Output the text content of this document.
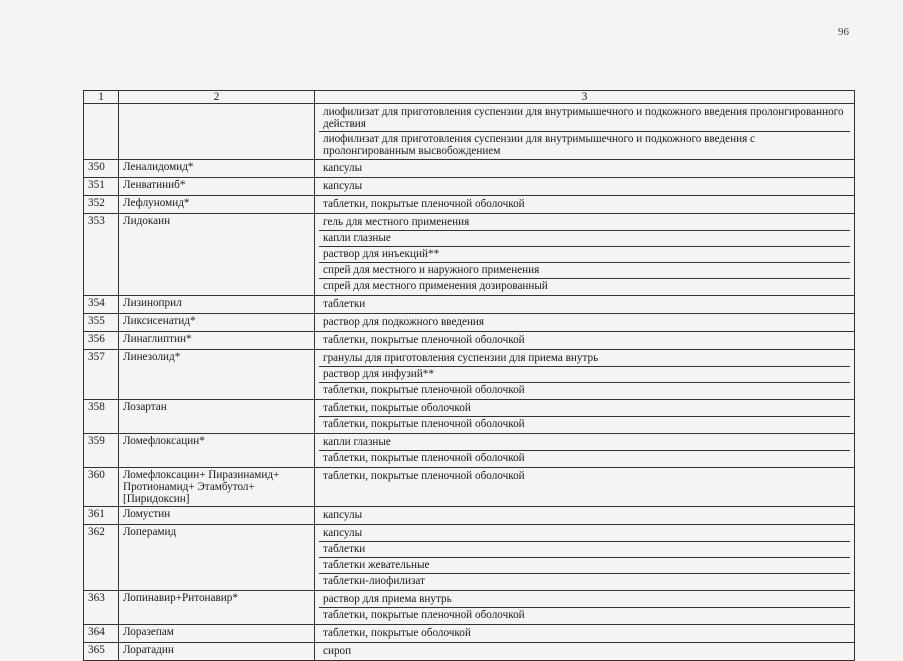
96
1	2	3

		лиофилизат для приготовления суспензии для внутримышечного и подкожного введения пролонгированного действия
лиофилизат для приготовления суспензии для внутримышечного и подкожного введения с пролонгированным высвобождением

350	Леналидомид*	капсулы

351	Ленватиниб*	капсулы

352	Лефлуномид*	таблетки, покрытые пленочной оболочкой

353	Лидокаин	гель для местного применения
капли глазные
раствор для инъекций**
спрей для местного и наружного применения
спрей для местного применения дозированный

354	Лизиноприл	таблетки

355	Ликсисенатид*	раствор для подкожного введения

356	Линаглиптин*	таблетки, покрытые пленочной оболочкой

357	Линезолид*	гранулы для приготовления суспензии для приема внутрь
раствор для инфузий**
таблетки, покрытые пленочной оболочкой

358	Лозартан	таблетки, покрытые оболочкой
таблетки, покрытые пленочной оболочкой

359	Ломефлоксацин*	капли глазные
таблетки, покрытые пленочной оболочкой

360	Ломефлоксацин+ Пиразинамид+ Протионамид+ Этамбутол+ [Пиридоксин]	таблетки, покрытые пленочной оболочкой

361	Ломустин	капсулы

362	Лоперамид	капсулы
таблетки
таблетки жевательные
таблетки-лиофилизат

363	Лопинавир+Ритонавир*	раствор для приема внутрь
таблетки, покрытые пленочной оболочкой

364	Лоразепам	таблетки, покрытые оболочкой

365	Лоратадин	сироп
